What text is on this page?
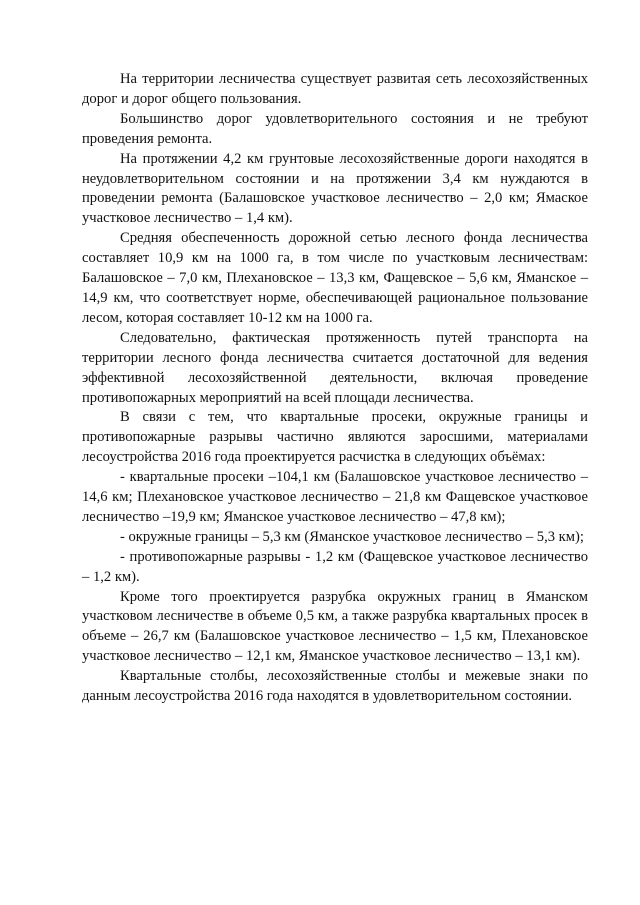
На территории лесничества существует развитая сеть лесохозяйственных дорог и дорог общего пользования.

Большинство дорог удовлетворительного состояния и не требуют проведения ремонта.

На протяжении 4,2 км грунтовые лесохозяйственные дороги находятся в неудовлетворительном состоянии и на протяжении 3,4 км нуждаются в проведении ремонта (Балашовское участковое лесничество – 2,0 км; Ямаское участковое лесничество – 1,4 км).

Средняя обеспеченность дорожной сетью лесного фонда лесничества составляет 10,9 км на 1000 га, в том числе по участковым лесничествам: Балашовское – 7,0 км, Плехановское – 13,3 км, Фащевское – 5,6 км, Яманское – 14,9 км, что соответствует норме, обеспечивающей рациональное пользование лесом, которая составляет 10-12 км на 1000 га.

Следовательно, фактическая протяженность путей транспорта на территории лесного фонда лесничества считается достаточной для ведения эффективной лесохозяйственной деятельности, включая проведение противопожарных мероприятий на всей площади лесничества.

В связи с тем, что квартальные просеки, окружные границы и противопожарные разрывы частично являются заросшими, материалами лесоустройства 2016 года проектируется расчистка в следующих объёмах:

- квартальные просеки –104,1 км (Балашовское участковое лесничество – 14,6 км; Плехановское участковое лесничество – 21,8 км Фащевское участковое лесничество –19,9 км; Яманское участковое лесничество – 47,8 км);

- окружные границы – 5,3 км (Яманское участковое лесничество – 5,3 км);

- противопожарные разрывы - 1,2 км (Фащевское участковое лесничество – 1,2 км).

Кроме того проектируется разрубка окружных границ в Яманском участковом лесничестве в объеме 0,5 км, а также разрубка квартальных просек в объеме – 26,7 км (Балашовское участковое лесничество – 1,5 км, Плехановское участковое лесничество – 12,1 км, Яманское участковое лесничество – 13,1 км).

Квартальные столбы, лесохозяйственные столбы и межевые знаки по данным лесоустройства 2016 года находятся в удовлетворительном состоянии.
